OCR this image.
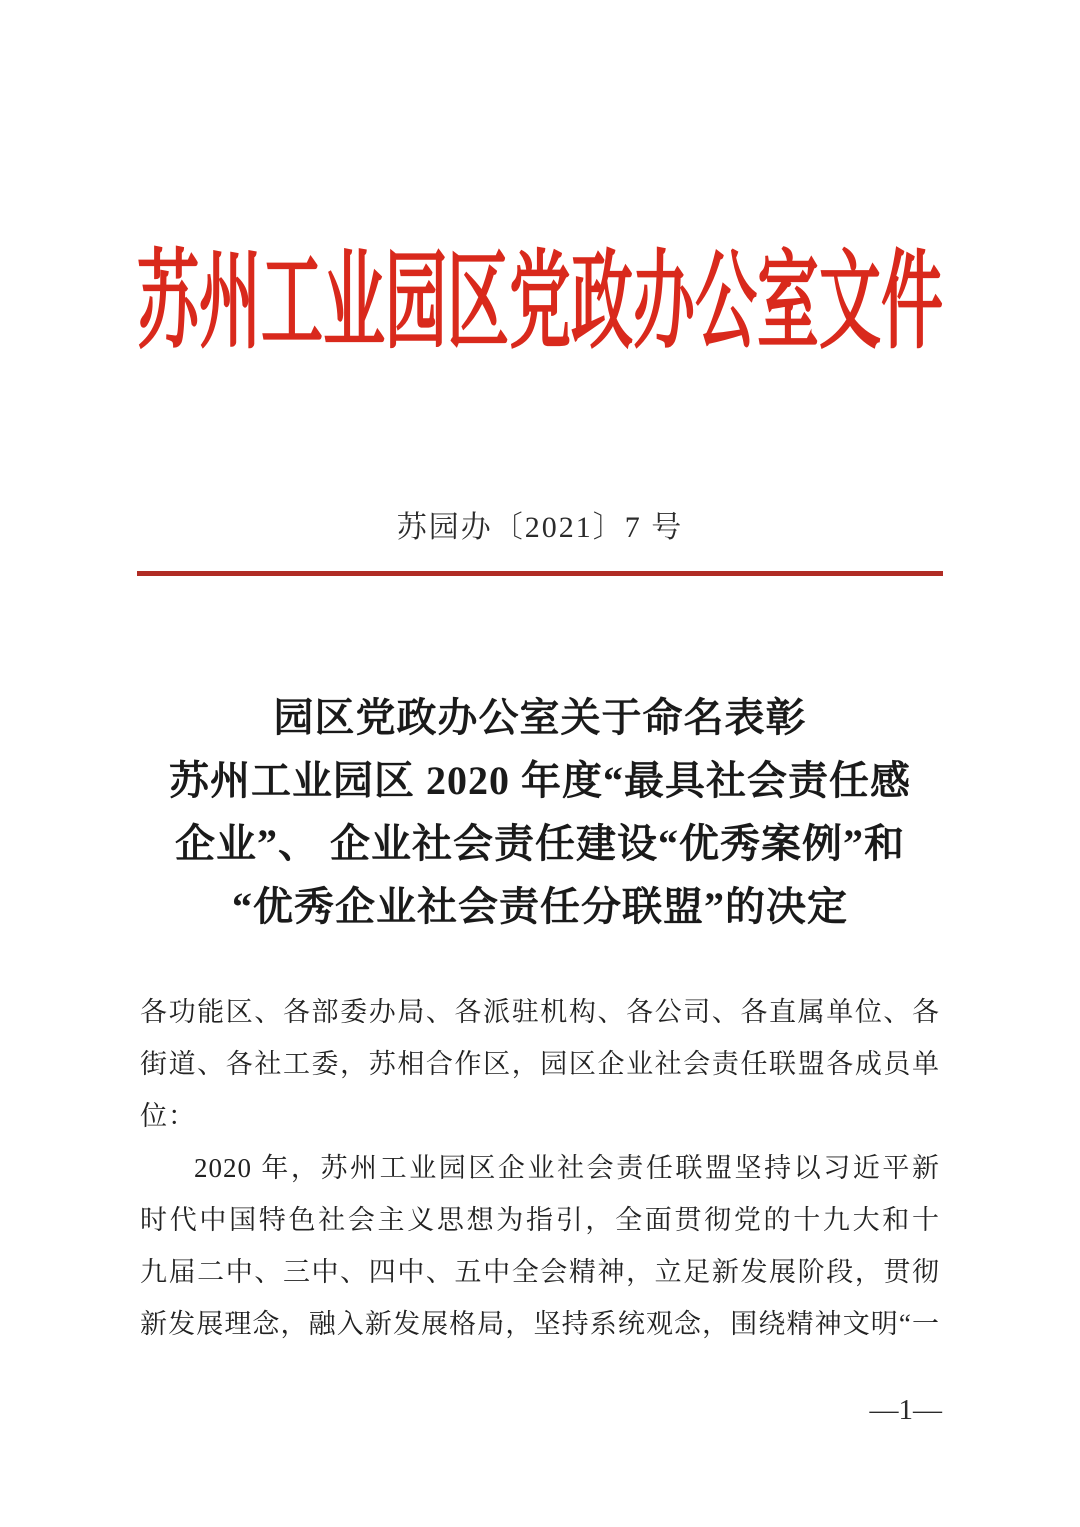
苏州工业园区党政办公室文件
苏园办〔2021〕7 号
园区党政办公室关于命名表彰
苏州工业园区 2020 年度“最具社会责任感
企业”、 企业社会责任建设“优秀案例”和
“优秀企业社会责任分联盟”的决定
各功能区、各部委办局、各派驻机构、各公司、各直属单位、各
街道、各社工委，苏相合作区，园区企业社会责任联盟各成员单
位：
2020 年，苏州工业园区企业社会责任联盟坚持以习近平新
时代中国特色社会主义思想为指引，全面贯彻党的十九大和十
九届二中、三中、四中、五中全会精神，立足新发展阶段，贯彻
新发展理念，融入新发展格局，坚持系统观念，围绕精神文明“一
—1—
